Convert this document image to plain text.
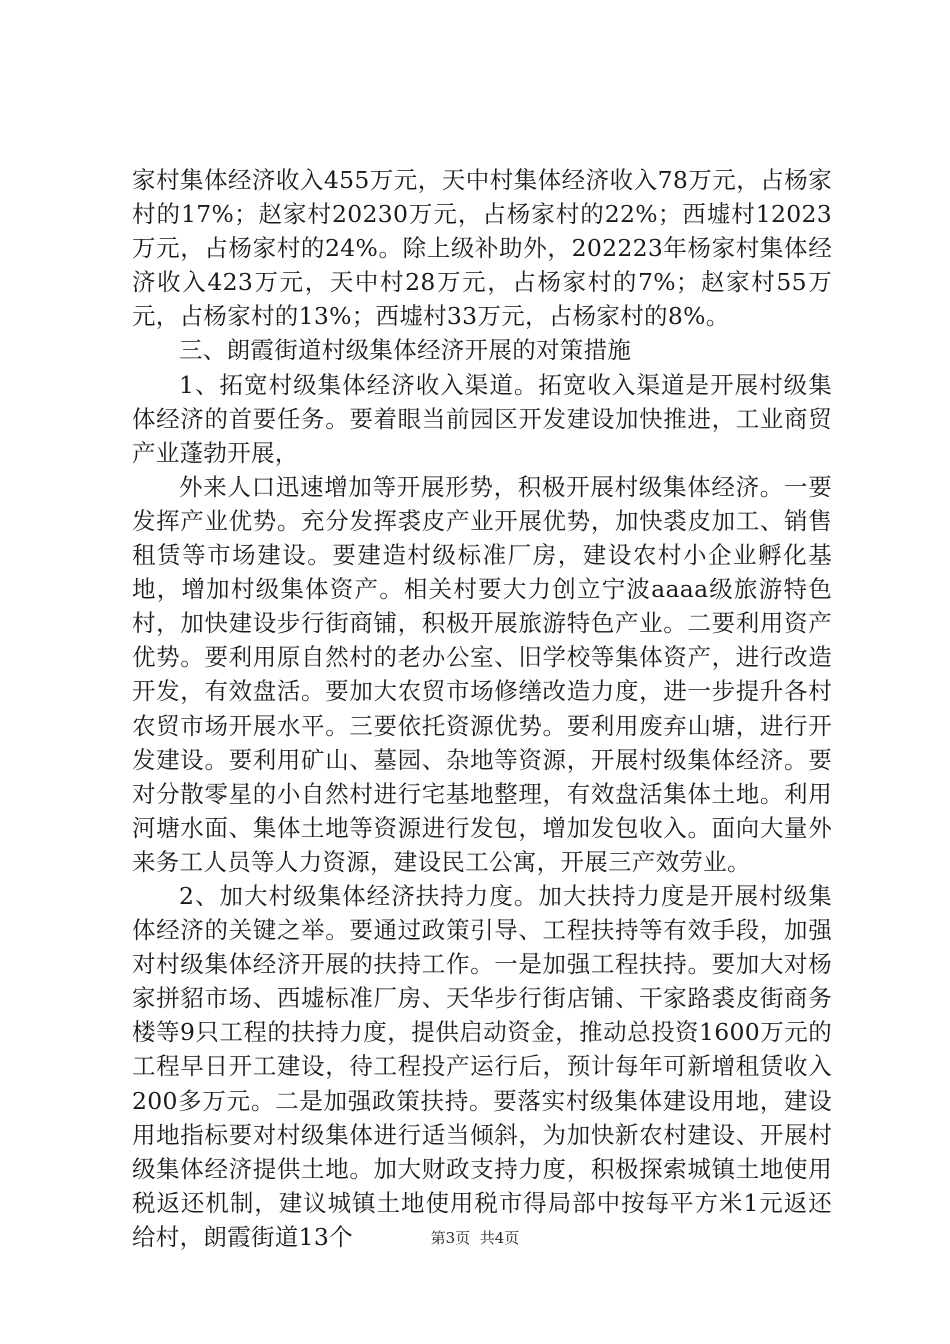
家村集体经济收入455万元，天中村集体经济收入78万元，占杨家村的17%；赵家村20230万元，占杨家村的22%；西墟村12023万元，占杨家村的24%。除上级补助外，202223年杨家村集体经济收入423万元，天中村28万元，占杨家村的7%；赵家村55万元，占杨家村的13%；西墟村33万元，占杨家村的8%。

三、朗霞街道村级集体经济开展的对策措施

1、拓宽村级集体经济收入渠道。拓宽收入渠道是开展村级集体经济的首要任务。要着眼当前园区开发建设加快推进，工业商贸产业蓬勃开展，

外来人口迅速增加等开展形势，积极开展村级集体经济。一要发挥产业优势。充分发挥裘皮产业开展优势，加快裘皮加工、销售租赁等市场建设。要建造村级标准厂房，建设农村小企业孵化基地，增加村级集体资产。相关村要大力创立宁波aaaa级旅游特色村，加快建设步行街商铺，积极开展旅游特色产业。二要利用资产优势。要利用原自然村的老办公室、旧学校等集体资产，进行改造开发，有效盘活。要加大农贸市场修缮改造力度，进一步提升各村农贸市场开展水平。三要依托资源优势。要利用废弃山塘，进行开发建设。要利用矿山、墓园、杂地等资源，开展村级集体经济。要对分散零星的小自然村进行宅基地整理，有效盘活集体土地。利用河塘水面、集体土地等资源进行发包，增加发包收入。面向大量外来务工人员等人力资源，建设民工公寓，开展三产效劳业。

2、加大村级集体经济扶持力度。加大扶持力度是开展村级集体经济的关键之举。要通过政策引导、工程扶持等有效手段，加强对村级集体经济开展的扶持工作。一是加强工程扶持。要加大对杨家拼貂市场、西墟标准厂房、天华步行街店铺、干家路裘皮街商务楼等9只工程的扶持力度，提供启动资金，推动总投资1600万元的工程早日开工建设，待工程投产运行后，预计每年可新增租赁收入200多万元。二是加强政策扶持。要落实村级集体建设用地，建设用地指标要对村级集体进行适当倾斜，为加快新农村建设、开展村级集体经济提供土地。加大财政支持力度，积极探索城镇土地使用税返还机制，建议城镇土地使用税市得局部中按每平方米1元返还给村，朗霞街道13个	第3页 共4页
